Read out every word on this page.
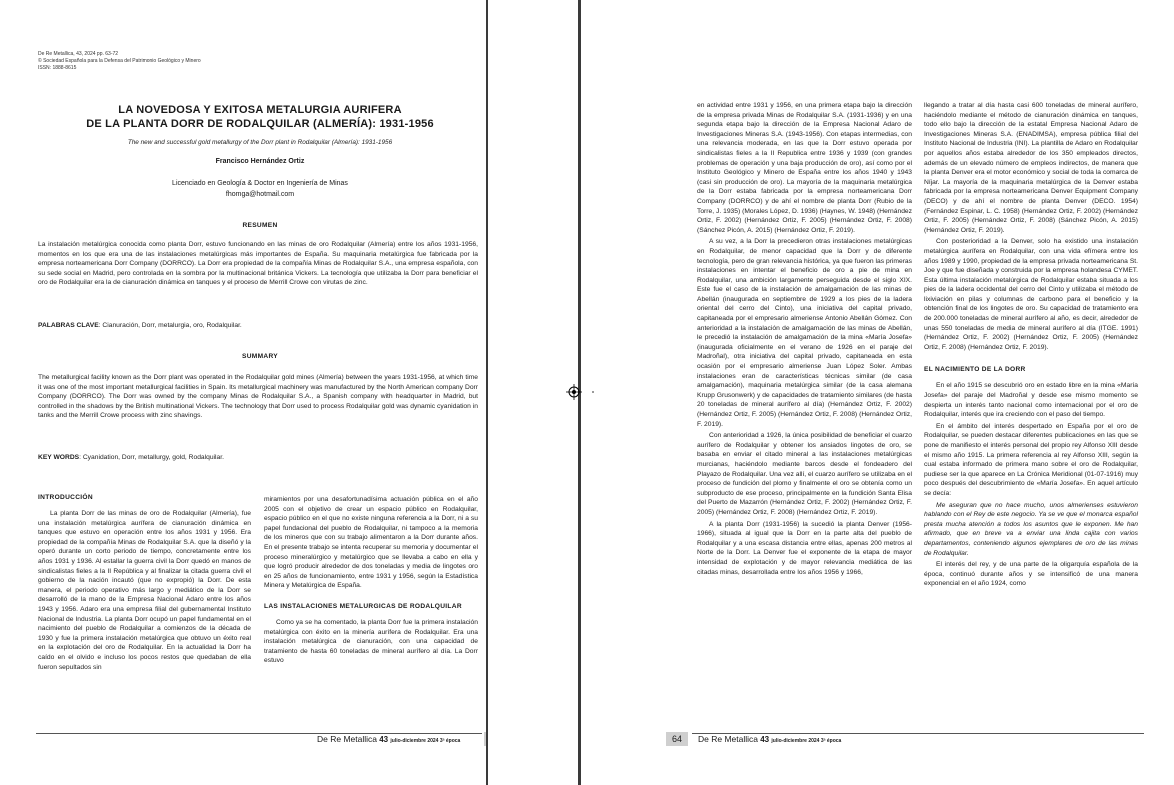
De Re Metallica, 43, 2024 pp. 63-72
© Sociedad Española para la Defensa del Patrimonio Geológico y Minero
ISSN: 1888-8615
LA NOVEDOSA Y EXITOSA METALURGIA AURIFERA
DE LA PLANTA DORR DE RODALQUILAR (ALMERÍA): 1931-1956
The new and successful gold metallurgy of the Dorr plant in Rodalquilar (Almería): 1931-1956
Francisco Hernández Ortiz
Licenciado en Geología & Doctor en Ingeniería de Minas
fhomga@hotmail.com
RESUMEN

La instalación metalúrgica conocida como planta Dorr, estuvo funcionando en las minas de oro Rodalquilar (Almería) entre los años 1931-1956, momentos en los que era una de las instalaciones metalúrgicas más importantes de España. Su maquinaria metalúrgica fue fabricada por la empresa norteamericana Dorr Company (DORRCO). La Dorr era propiedad de la compañía Minas de Rodalquilar S.A., una empresa española, con su sede social en Madrid, pero controlada en la sombra por la multinacional británica Vickers. La tecnología que utilizaba la Dorr para beneficiar el oro de Rodalquilar era la de cianuración dinámica en tanques y el proceso de Merrill Crowe con virutas de zinc.

PALABRAS CLAVE: Cianuración, Dorr, metalurgia, oro, Rodalquilar.
SUMMARY

The metallurgical facility known as the Dorr plant was operated in the Rodalquilar gold mines (Almería) between the years 1931-1956, at which time it was one of the most important metallurgical facilities in Spain. Its metallurgical machinery was manufactured by the North American company Dorr Company (DORRCO). The Dorr was owned by the company Minas de Rodalquilar S.A., a Spanish company with headquarter in Madrid, but controlled in the shadows by the British multinational Vickers. The technology that Dorr used to process Rodalquilar gold was dynamic cyanidation in tanks and the Merrill Crowe process with zinc shavings.

KEY WORDS: Cyanidation, Dorr, metallurgy, gold, Rodalquilar.
INTRODUCCIÓN

La planta Dorr de las minas de oro de Rodalquilar (Almería), fue una instalación metalúrgica aurífera de cianuración dinámica en tanques que estuvo en operación entre los años 1931 y 1956. Era propiedad de la compañía Minas de Rodalquilar S.A. que la diseñó y la operó durante un corto periodo de tiempo, concretamente entre los años 1931 y 1936. Al estallar la guerra civil la Dorr quedó en manos de sindicalistas fieles a la II República y al finalizar la citada guerra civil el gobierno de la nación incautó (que no expropió) la Dorr. De esta manera, el periodo operativo más largo y mediático de la Dorr se desarrolló de la mano de la Empresa Nacional Adaro entre los años 1943 y 1956. Adaro era una empresa filial del gubernamental Instituto Nacional de Industria. La planta Dorr ocupó un papel fundamental en el nacimiento del pueblo de Rodalquilar a comienzos de la década de 1930 y fue la primera instalación metalúrgica que obtuvo un éxito real en la explotación del oro de Rodalquilar. En la actualidad la Dorr ha caído en el olvido e incluso los pocos restos que quedaban de ella fueron sepultados sin

miramientos por una desafortunadísima actuación pública en el año 2005 con el objetivo de crear un espacio público en Rodalquilar, espacio público en el que no existe ninguna referencia a la Dorr, ni a su papel fundacional del pueblo de Rodalquilar, ni tampoco a la memoria de los mineros que con su trabajo alimentaron a la Dorr durante años. En el presente trabajo se intenta recuperar su memoria y documentar el proceso mineralúrgico y metalúrgico que se llevaba a cabo en ella y que logró producir alrededor de dos toneladas y media de lingotes oro en 25 años de funcionamiento, entre 1931 y 1956, según la Estadística Minera y Metalúrgica de España.

LAS INSTALACIONES METALURGICAS DE RODALQUILAR

Como ya se ha comentado, la planta Dorr fue la primera instalación metalúrgica con éxito en la minería aurífera de Rodalquilar. Era una instalación metalúrgica de cianuración, con una capacidad de tratamiento de hasta 60 toneladas de mineral aurífero al día. La Dorr estuvo

De Re Metallica 43 julio-diciembre 2024 3ª época	64

en actividad entre 1931 y 1956, en una primera etapa bajo la dirección de la empresa privada Minas de Rodalquilar S.A. (1931-1936) y en una segunda etapa bajo la dirección de la Empresa Nacional Adaro de Investigaciones Mineras S.A. (1943-1956). Con etapas intermedias, con una relevancia moderada, en las que la Dorr estuvo operada por sindicalistas fieles a la II Republica entre 1936 y 1939 (con grandes problemas de operación y una baja producción de oro), así como por el Instituto Geológico y Minero de España entre los años 1940 y 1943 (casi sin producción de oro). La mayoría de la maquinaria metalúrgica de la Dorr estaba fabricada por la empresa norteamericana Dorr Company (DORRCO) y de ahí el nombre de planta Dorr (Rubio de la Torre, J. 1935) (Morales López, D. 1936) (Haynes, W. 1948) (Hernández Ortiz, F. 2002) (Hernández Ortiz, F. 2005) (Hernández Ortiz, F. 2008) (Sánchez Picón, A. 2015) (Hernández Ortiz, F. 2019).

A su vez, a la Dorr la precedieron otras instalaciones metalúrgicas en Rodalquilar, de menor capacidad que la Dorr y de diferente tecnología, pero de gran relevancia histórica, ya que fueron las primeras instalaciones en intentar el beneficio de oro a pie de mina en Rodalquilar, una ambición largamente perseguida desde el siglo XIX. Este fue el caso de la instalación de amalgamación de las minas de Abellán (inaugurada en septiembre de 1929 a los pies de la ladera oriental del cerro del Cinto), una iniciativa del capital privado, capitaneada por el empresario almeriense Antonio Abellán Gómez. Con anterioridad a la instalación de amalgamación de las minas de Abellán, le precedió la instalación de amalgamación de la mina «María Josefa» (inaugurada oficialmente en el verano de 1926 en el paraje del Madroñal), otra iniciativa del capital privado, capitaneada en esta ocasión por el empresario almeriense Juan López Soler. Ambas instalaciones eran de características técnicas similar (de casa amalgamación), maquinaria metalúrgica similar (de la casa alemana Krupp Grusonwerk) y de capacidades de tratamiento similares (de hasta 20 toneladas de mineral aurífero al día) (Hernández Ortiz, F. 2002) (Hernández Ortiz, F. 2005) (Hernández Ortiz, F. 2008) (Hernández Ortiz, F. 2019).

Con anterioridad a 1926, la única posibilidad de beneficiar el cuarzo aurífero de Rodalquilar y obtener los ansiados lingotes de oro, se basaba en enviar el citado mineral a las instalaciones metalúrgicas murcianas, haciéndolo mediante barcos desde el fondeadero del Playazo de Rodalquilar. Una vez allí, el cuarzo aurífero se utilizaba en el proceso de fundición del plomo y finalmente el oro se obtenía como un subproducto de ese proceso, principalmente en la fundición Santa Elisa del Puerto de Mazarrón (Hernández Ortiz, F. 2002) (Hernández Ortiz, F. 2005) (Hernández Ortiz, F. 2008) (Hernández Ortiz, F. 2019).

A la planta Dorr (1931-1956) la sucedió la planta Denver (1956-1966), situada al igual que la Dorr en la parte alta del pueblo de Rodalquilar y a una escasa distancia entre ellas, apenas 200 metros al Norte de la Dorr. La Denver fue el exponente de la etapa de mayor intensidad de explotación y de mayor relevancia mediática de las citadas minas, desarrollada entre los años 1956 y 1966,

llegando a tratar al día hasta casi 600 toneladas de mineral aurífero, haciéndolo mediante el método de cianuración dinámica en tanques, todo ello bajo la dirección de la estatal Empresa Nacional Adaro de Investigaciones Mineras S.A. (ENADIMSA), empresa pública filial del Instituto Nacional de Industria (INI). La plantilla de Adaro en Rodalquilar por aquellos años estaba alrededor de los 350 empleados directos, además de un elevado número de empleos indirectos, de manera que la planta Denver era el motor económico y social de toda la comarca de Níjar. La mayoría de la maquinaria metalúrgica de la Denver estaba fabricada por la empresa norteamericana Denver Equipment Company (DECO) y de ahí el nombre de planta Denver (DECO. 1954) (Fernández Espinar, L. C. 1958) (Hernández Ortiz, F. 2002) (Hernández Ortiz, F. 2005) (Hernández Ortiz, F. 2008) (Sánchez Picón, A. 2015) (Hernández Ortiz, F. 2019).

Con posterioridad a la Denver, solo ha existido una instalación metalúrgica aurífera en Rodalquilar, con una vida efímera entre los años 1989 y 1990, propiedad de la empresa privada norteamericana St. Joe y que fue diseñada y construida por la empresa holandesa CYMET. Esta última instalación metalúrgica de Rodalquilar estaba situada a los pies de la ladera occidental del cerro del Cinto y utilizaba el método de lixiviación en pilas y columnas de carbono para el beneficio y la obtención final de los lingotes de oro. Su capacidad de tratamiento era de 200.000 toneladas de mineral aurífero al año, es decir, alrededor de unas 550 toneladas de media de mineral aurífero al día (ITGE. 1991) (Hernández Ortiz, F. 2002) (Hernández Ortiz, F. 2005) (Hernández Ortiz, F. 2008) (Hernández Ortiz, F. 2019).

EL NACIMIENTO DE LA DORR

En el año 1915 se descubrió oro en estado libre en la mina «María Josefa» del paraje del Madroñal y desde ese mismo momento se despierta un interés tanto nacional como internacional por el oro de Rodalquilar, interés que ira creciendo con el paso del tiempo.

En el ámbito del interés despertado en España por el oro de Rodalquilar, se pueden destacar diferentes publicaciones en las que se pone de manifiesto el interés personal del propio rey Alfonso XIII desde el mismo año 1915. La primera referencia al rey Alfonso XIII, según la cual estaba informado de primera mano sobre el oro de Rodalquilar, pudiese ser la que aparece en La Crónica Meridional (01-07-1916) muy poco después del descubrimiento de «María Josefa». En aquel artículo se decía:

Me aseguran que no hace mucho, unos almerienses estuvieron hablando con el Rey de este negocio. Ya se ve que el monarca español presta mucha atención a todos los asuntos que le exponen. Me han afirmado, que en breve va a enviar una linda cajita con varios departamentos, conteniendo algunos ejemplares de oro de las minas de Rodalquilar.

El interés del rey, y de una parte de la oligarquía española de la época, continuó durante años y se intensificó de una manera exponencial en el año 1924, como

De Re Metallica 43 julio-diciembre 2024 3ª época
